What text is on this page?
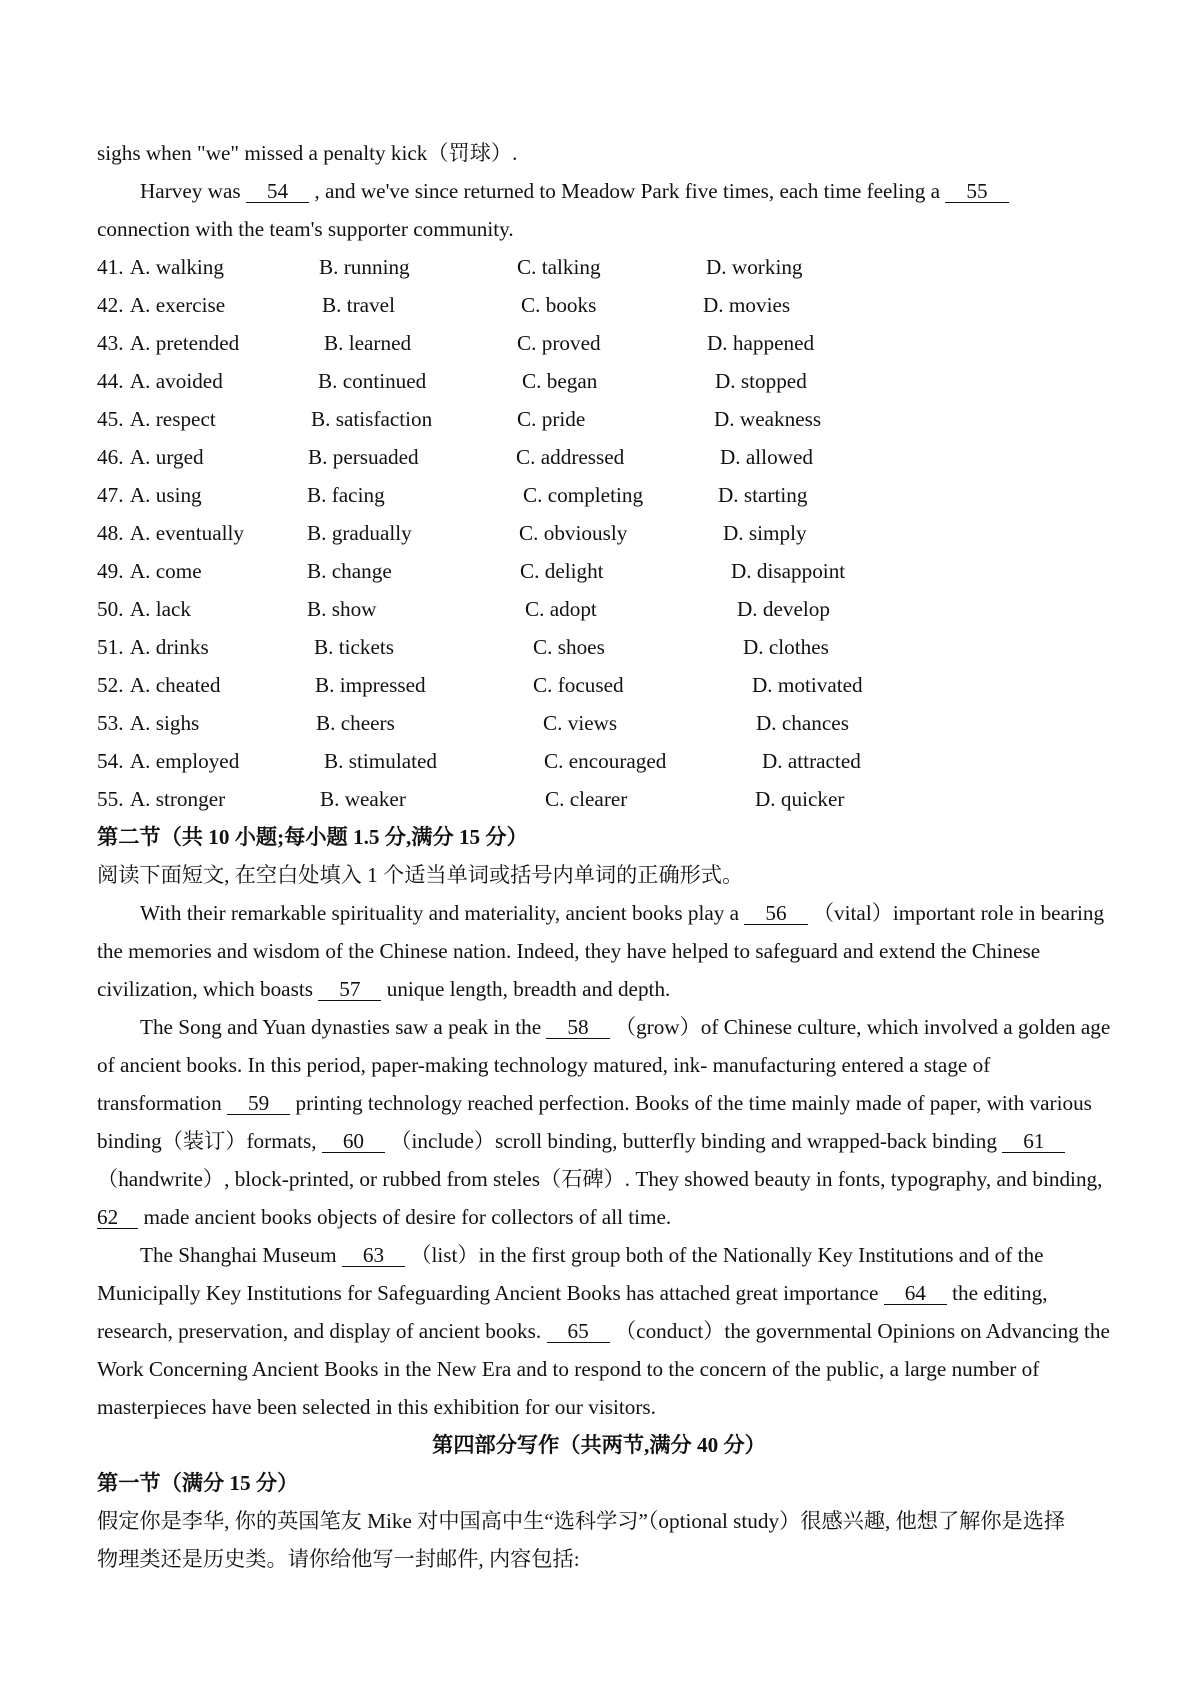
sighs when "we" missed a penalty kick（罚球）.
Harvey was 54 , and we've since returned to Meadow Park five times, each time feeling a 55
connection with the team's supporter community.
41. A. walking	B. running	C. talking	D. working
42. A. exercise	B. travel	C. books	D. movies
43. A. pretended	B. learned	C. proved	D. happened
44. A. avoided	B. continued	C. began	D. stopped
45. A. respect	B. satisfaction	C. pride	D. weakness
46. A. urged	B. persuaded	C. addressed	D. allowed
47. A. using	B. facing	C. completing	D. starting
48. A. eventually	B. gradually	C. obviously	D. simply
49. A. come	B. change	C. delight	D. disappoint
50. A. lack	B. show	C. adopt	D. develop
51. A. drinks	B. tickets	C. shoes	D. clothes
52. A. cheated	B. impressed	C. focused	D. motivated
53. A. sighs	B. cheers	C. views	D. chances
54. A. employed	B. stimulated	C. encouraged	D. attracted
55. A. stronger	B. weaker	C. clearer	D. quicker
第二节（共 10 小题;每小题 1.5 分,满分 15 分）
阅读下面短文, 在空白处填入 1 个适当单词或括号内单词的正确形式。
With their remarkable spirituality and materiality, ancient books play a 56 （vital）important role in bearing
the memories and wisdom of the Chinese nation. Indeed, they have helped to safeguard and extend the Chinese
civilization, which boasts 57 unique length, breadth and depth.
The Song and Yuan dynasties saw a peak in the 58 （grow）of Chinese culture, which involved a golden age
of ancient books. In this period, paper-making technology matured, ink- manufacturing entered a stage of
transformation 59 printing technology reached perfection. Books of the time mainly made of paper, with various
binding（装订）formats, 60 （include）scroll binding, butterfly binding and wrapped-back binding 61
（handwrite）, block-printed, or rubbed from steles（石碑）. They showed beauty in fonts, typography, and binding,
62 made ancient books objects of desire for collectors of all time.
The Shanghai Museum 63 （list）in the first group both of the Nationally Key Institutions and of the
Municipally Key Institutions for Safeguarding Ancient Books has attached great importance 64 the editing,
research, preservation, and display of ancient books. 65 （conduct）the governmental Opinions on Advancing the
Work Concerning Ancient Books in the New Era and to respond to the concern of the public, a large number of
masterpieces have been selected in this exhibition for our visitors.
第四部分写作（共两节,满分 40 分）
第一节（满分 15 分）
假定你是李华, 你的英国笔友 Mike 对中国高中生“选科学习”（optional study）很感兴趣, 他想了解你是选择
物理类还是历史类。请你给他写一封邮件, 内容包括:
